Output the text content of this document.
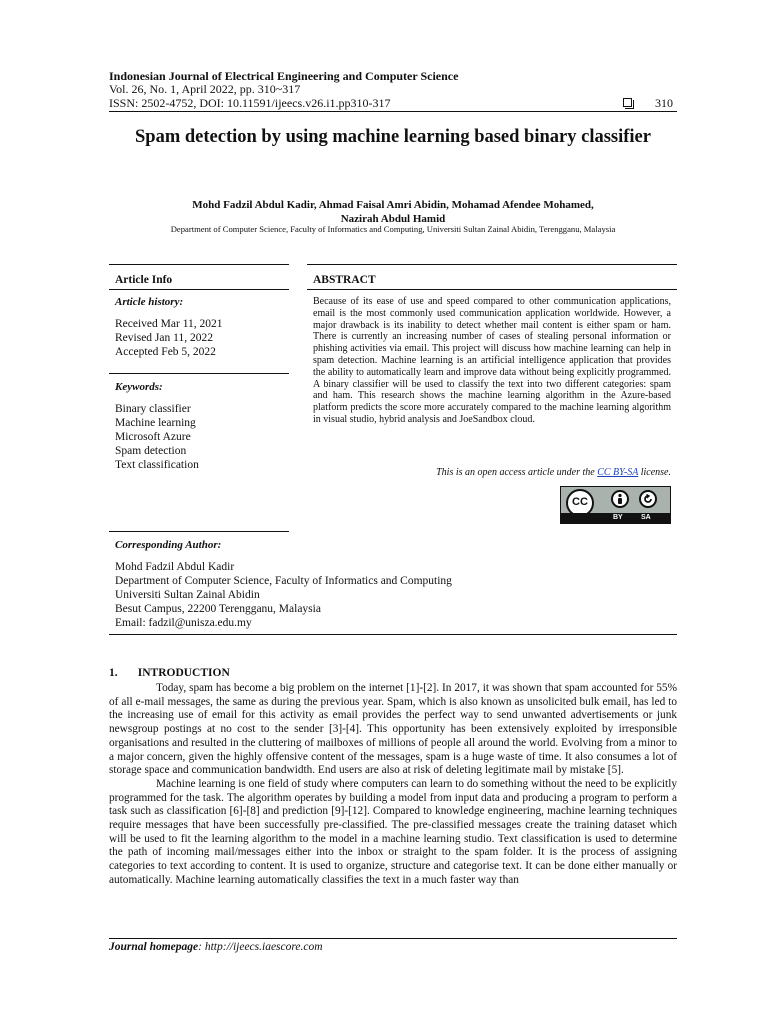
Indonesian Journal of Electrical Engineering and Computer Science
Vol. 26, No. 1, April 2022, pp. 310~317
ISSN: 2502-4752, DOI: 10.11591/ijeecs.v26.i1.pp310-317	310
Spam detection by using machine learning based binary classifier
Mohd Fadzil Abdul Kadir, Ahmad Faisal Amri Abidin, Mohamad Afendee Mohamed,
Nazirah Abdul Hamid
Department of Computer Science, Faculty of Informatics and Computing, Universiti Sultan Zainal Abidin, Terengganu, Malaysia
Article Info
Article history:
Received Mar 11, 2021
Revised Jan 11, 2022
Accepted Feb 5, 2022
Keywords:
Binary classifier
Machine learning
Microsoft Azure
Spam detection
Text classification
ABSTRACT
Because of its ease of use and speed compared to other communication applications, email is the most commonly used communication application worldwide. However, a major drawback is its inability to detect whether mail content is either spam or ham. There is currently an increasing number of cases of stealing personal information or phishing activities via email. This project will discuss how machine learning can help in spam detection. Machine learning is an artificial intelligence application that provides the ability to automatically learn and improve data without being explicitly programmed. A binary classifier will be used to classify the text into two different categories: spam and ham. This research shows the machine learning algorithm in the Azure-based platform predicts the score more accurately compared to the machine learning algorithm in visual studio, hybrid analysis and JoeSandbox cloud.
This is an open access article under the CC BY-SA license.
CC
BY	SA
Corresponding Author:
Mohd Fadzil Abdul Kadir
Department of Computer Science, Faculty of Informatics and Computing
Universiti Sultan Zainal Abidin
Besut Campus, 22200 Terengganu, Malaysia
Email: fadzil@unisza.edu.my
1.       INTRODUCTION

Today, spam has become a big problem on the internet [1]-[2]. In 2017, it was shown that spam accounted for 55% of all e-mail messages, the same as during the previous year. Spam, which is also known as unsolicited bulk email, has led to the increasing use of email for this activity as email provides the perfect way to send unwanted advertisements or junk newsgroup postings at no cost to the sender [3]-[4]. This opportunity has been extensively exploited by irresponsible organisations and resulted in the cluttering of mailboxes of millions of people all around the world. Evolving from a minor to a major concern, given the highly offensive content of the messages, spam is a huge waste of time. It also consumes a lot of storage space and communication bandwidth. End users are also at risk of deleting legitimate mail by mistake [5].

Machine learning is one field of study where computers can learn to do something without the need to be explicitly programmed for the task. The algorithm operates by building a model from input data and producing a program to perform a task such as classification [6]-[8] and prediction [9]-[12]. Compared to knowledge engineering, machine learning techniques require messages that have been successfully pre-classified. The pre-classified messages create the training dataset which will be used to fit the learning algorithm to the model in a machine learning studio. Text classification is used to determine the path of incoming mail/messages either into the inbox or straight to the spam folder. It is the process of assigning categories to text according to content. It is used to organize, structure and categorise text. It can be done either manually or automatically. Machine learning automatically classifies the text in a much faster way than

Journal homepage: http://ijeecs.iaescore.com
